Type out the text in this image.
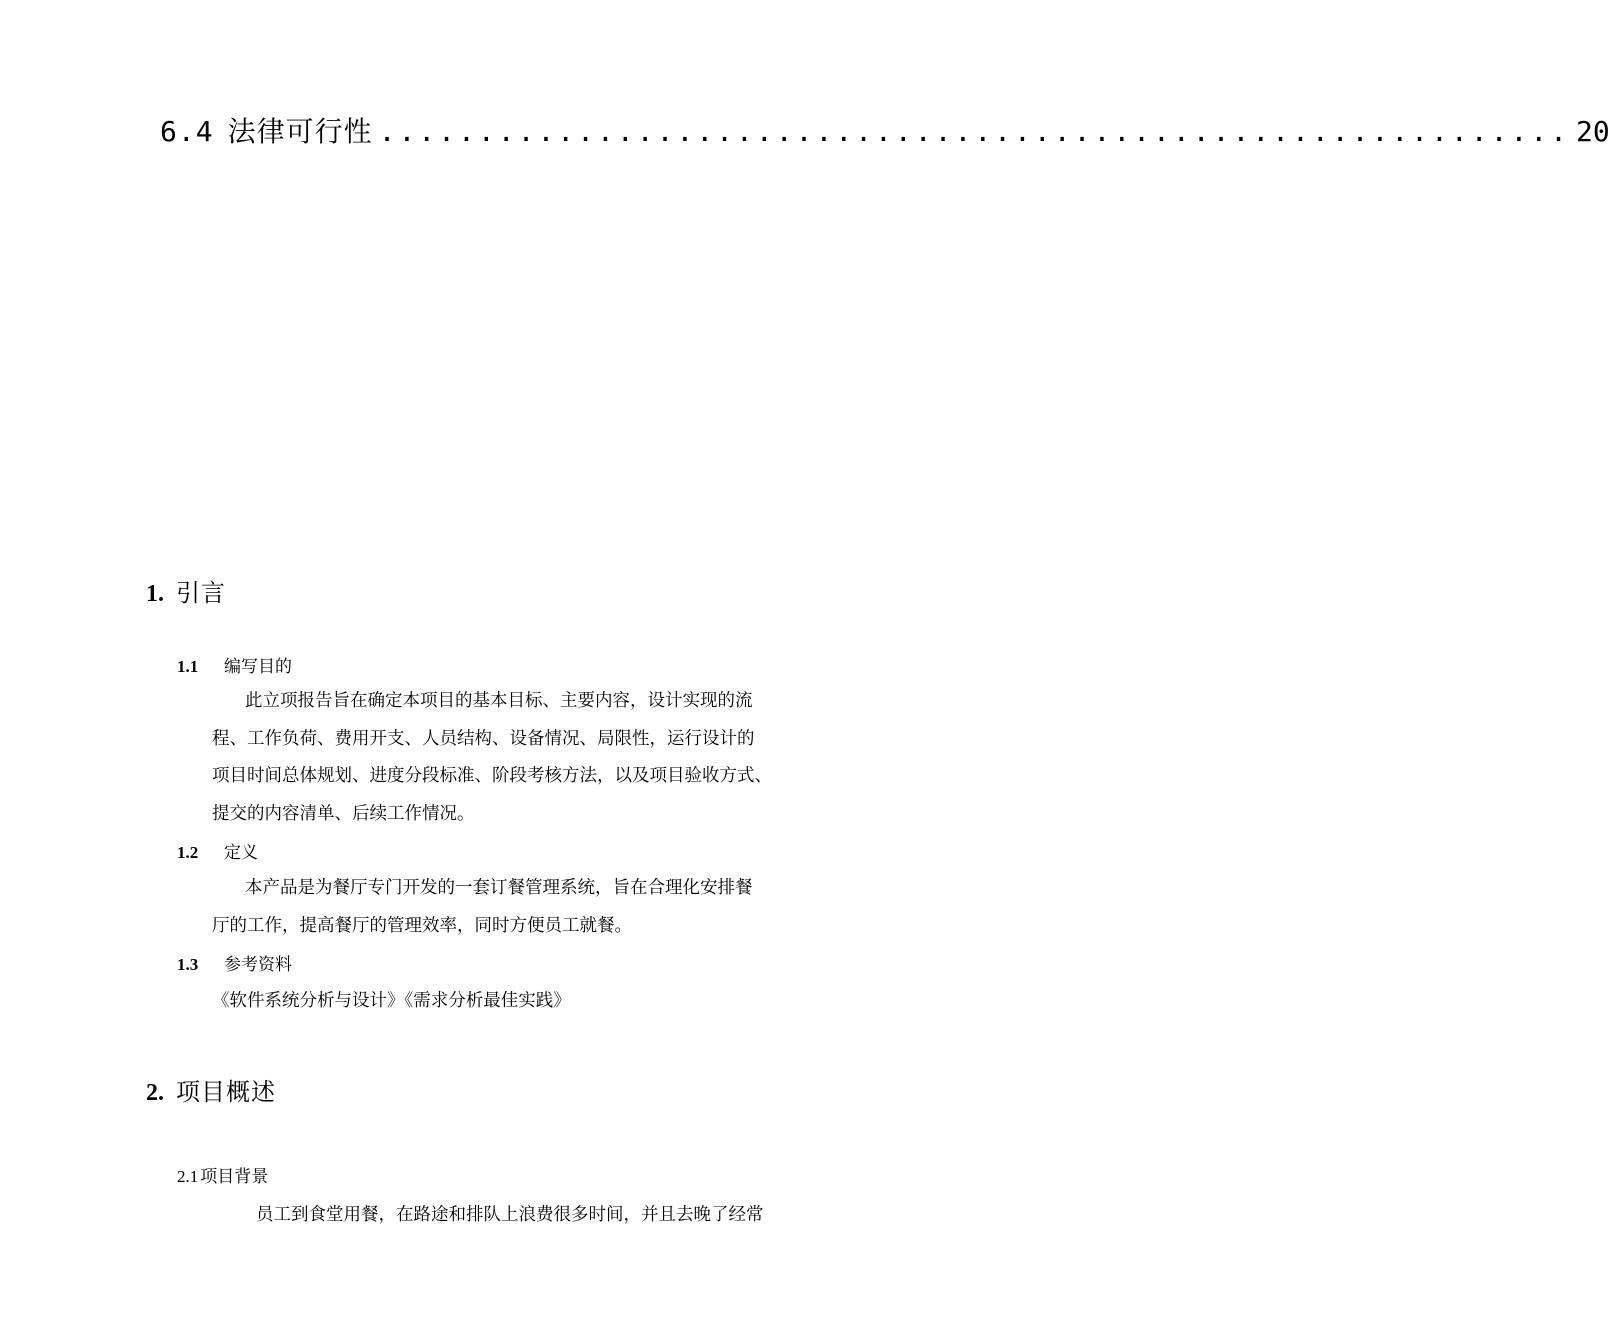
6.4 法律可行性 ............................................................ 20
1. 引言
1.1 编写目的
此立项报告旨在确定本项目的基本目标、主要内容，设计实现的流
程、工作负荷、费用开支、人员结构、设备情况、局限性，运行设计的
项目时间总体规划、进度分段标准、阶段考核方法，以及项目验收方式、
提交的内容清单、后续工作情况。
1.2 定义
本产品是为餐厅专门开发的一套订餐管理系统，旨在合理化安排餐
厅的工作，提高餐厅的管理效率，同时方便员工就餐。
1.3 参考资料
《软件系统分析与设计》《需求分析最佳实践》
2. 项目概述
2.1 项目背景
员工到食堂用餐，在路途和排队上浪费很多时间，并且去晚了经常
